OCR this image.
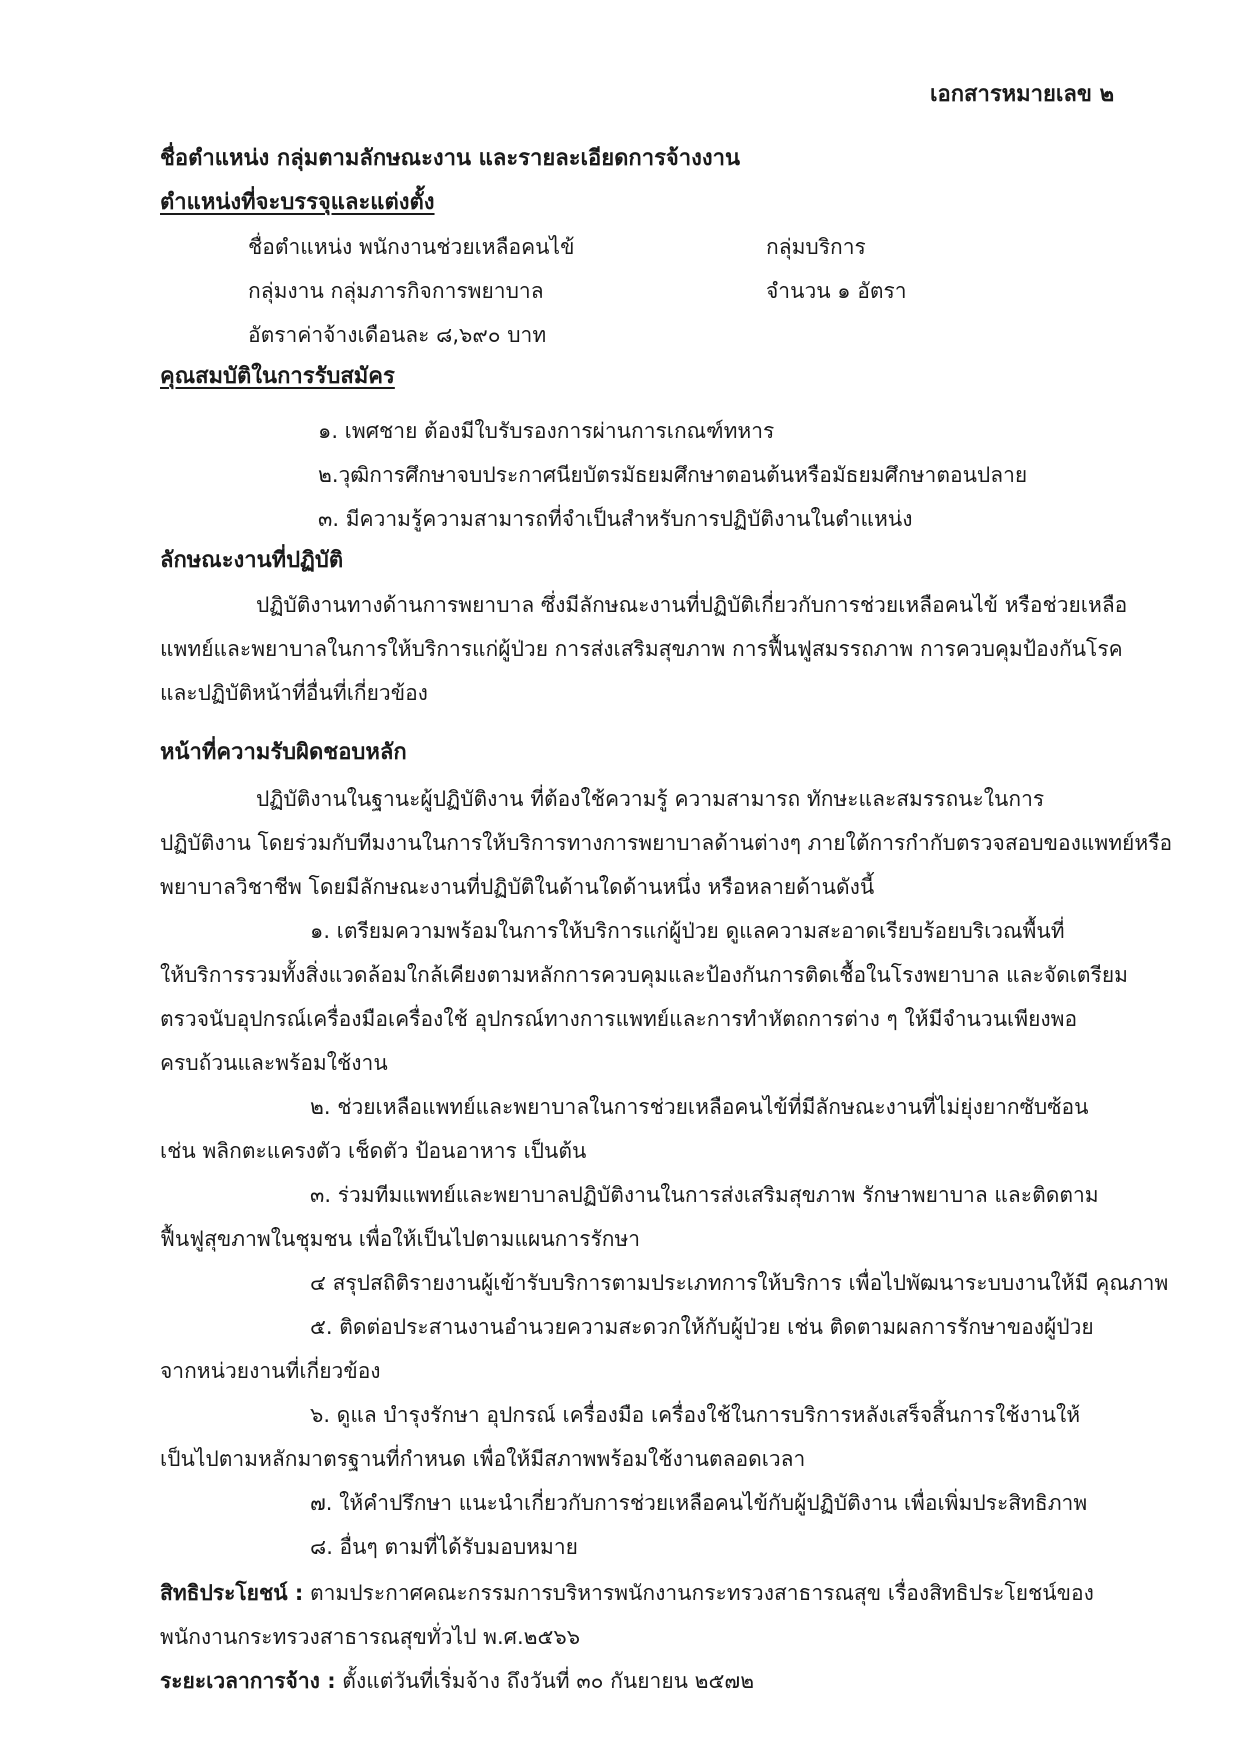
เอกสารหมายเลข ๒
ชื่อตำแหน่ง กลุ่มตามลักษณะงาน และรายละเอียดการจ้างงาน
ตำแหน่งที่จะบรรจุและแต่งตั้ง
ชื่อตำแหน่ง พนักงานช่วยเหลือคนไข้	กลุ่มบริการ
กลุ่มงาน กลุ่มภารกิจการพยาบาล	จำนวน ๑ อัตรา
อัตราค่าจ้างเดือนละ ๘,๖๙๐ บาท
คุณสมบัติในการรับสมัคร
๑. เพศชาย ต้องมีใบรับรองการผ่านการเกณฑ์ทหาร
๒.วุฒิการศึกษาจบประกาศนียบัตรมัธยมศึกษาตอนต้นหรือมัธยมศึกษาตอนปลาย
๓. มีความรู้ความสามารถที่จำเป็นสำหรับการปฏิบัติงานในตำแหน่ง
ลักษณะงานที่ปฏิบัติ
ปฏิบัติงานทางด้านการพยาบาล ซึ่งมีลักษณะงานที่ปฏิบัติเกี่ยวกับการช่วยเหลือคนไข้ หรือช่วยเหลือ
แพทย์และพยาบาลในการให้บริการแก่ผู้ป่วย การส่งเสริมสุขภาพ การฟื้นฟูสมรรถภาพ การควบคุมป้องกันโรค
และปฏิบัติหน้าที่อื่นที่เกี่ยวข้อง
หน้าที่ความรับผิดชอบหลัก
ปฏิบัติงานในฐานะผู้ปฏิบัติงาน ที่ต้องใช้ความรู้ ความสามารถ ทักษะและสมรรถนะในการ
ปฏิบัติงาน โดยร่วมกับทีมงานในการให้บริการทางการพยาบาลด้านต่างๆ ภายใต้การกำกับตรวจสอบของแพทย์หรือ
พยาบาลวิชาชีพ โดยมีลักษณะงานที่ปฏิบัติในด้านใดด้านหนึ่ง หรือหลายด้านดังนี้
๑. เตรียมความพร้อมในการให้บริการแก่ผู้ป่วย ดูแลความสะอาดเรียบร้อยบริเวณพื้นที่
ให้บริการรวมทั้งสิ่งแวดล้อมใกล้เคียงตามหลักการควบคุมและป้องกันการติดเชื้อในโรงพยาบาล และจัดเตรียม
ตรวจนับอุปกรณ์เครื่องมือเครื่องใช้ อุปกรณ์ทางการแพทย์และการทำหัตถการต่าง ๆ ให้มีจำนวนเพียงพอ
ครบถ้วนและพร้อมใช้งาน
๒. ช่วยเหลือแพทย์และพยาบาลในการช่วยเหลือคนไข้ที่มีลักษณะงานที่ไม่ยุ่งยากซับซ้อน
เช่น พลิกตะแครงตัว เช็ดตัว ป้อนอาหาร เป็นต้น
๓. ร่วมทีมแพทย์และพยาบาลปฏิบัติงานในการส่งเสริมสุขภาพ รักษาพยาบาล และติดตาม
ฟื้นฟูสุขภาพในชุมชน เพื่อให้เป็นไปตามแผนการรักษา
๔ สรุปสถิติรายงานผู้เข้ารับบริการตามประเภทการให้บริการ เพื่อไปพัฒนาระบบงานให้มี คุณภาพ
๕. ติดต่อประสานงานอำนวยความสะดวกให้กับผู้ป่วย เช่น ติดตามผลการรักษาของผู้ป่วย
จากหน่วยงานที่เกี่ยวข้อง
๖. ดูแล บำรุงรักษา อุปกรณ์ เครื่องมือ เครื่องใช้ในการบริการหลังเสร็จสิ้นการใช้งานให้
เป็นไปตามหลักมาตรฐานที่กำหนด เพื่อให้มีสภาพพร้อมใช้งานตลอดเวลา
๗. ให้คำปรึกษา แนะนำเกี่ยวกับการช่วยเหลือคนไข้กับผู้ปฏิบัติงาน เพื่อเพิ่มประสิทธิภาพ
๘. อื่นๆ ตามที่ได้รับมอบหมาย
สิทธิประโยชน์ : ตามประกาศคณะกรรมการบริหารพนักงานกระทรวงสาธารณสุข เรื่องสิทธิประโยชน์ของ
พนักงานกระทรวงสาธารณสุขทั่วไป พ.ศ.๒๕๖๖
ระยะเวลาการจ้าง : ตั้งแต่วันที่เริ่มจ้าง ถึงวันที่ ๓๐ กันยายน ๒๕๗๒
